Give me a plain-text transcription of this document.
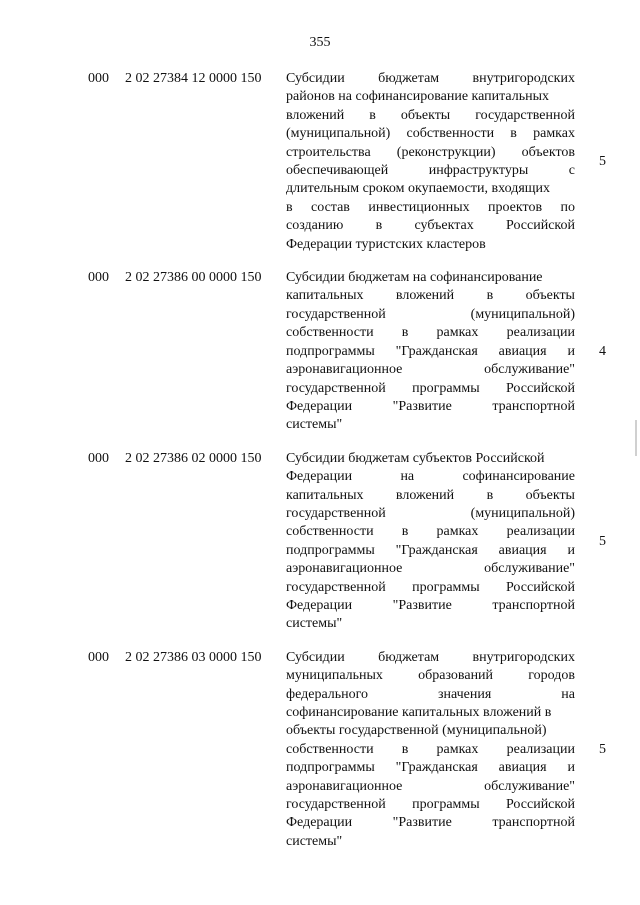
355
000 2 02 27384 12 0000 150 Субсидии бюджетам внутригородских
районов на софинансирование капитальных
вложений в объекты государственной
(муниципальной) собственности в рамках
строительства (реконструкции) объектов
обеспечивающей	инфраструктуры	с
длительным сроком окупаемости, входящих
в состав инвестиционных проектов по
созданию в субъектах Российской
Федерации туристских кластеров
5
000 2 02 27386 00 0000 150 Субсидии бюджетам на софинансирование
капитальных вложений в объекты
государственной	(муниципальной)
собственности в рамках реализации
подпрограммы "Гражданская авиация и
аэронавигационное	обслуживание"
государственной программы Российской
Федерации	"Развитие	транспортной
системы"
4
000 2 02 27386 02 0000 150 Субсидии бюджетам субъектов Российской
Федерации	на	софинансирование
капитальных вложений в объекты
государственной	(муниципальной)
собственности в рамках реализации
подпрограммы "Гражданская авиация и
аэронавигационное	обслуживание"
государственной программы Российской
Федерации	"Развитие	транспортной
системы"
5
000 2 02 27386 03 0000 150 Субсидии бюджетам внутригородских
муниципальных	образований	городов
федерального	значения	на
софинансирование капитальных вложений в
объекты государственной (муниципальной)
собственности в рамках реализации
подпрограммы "Гражданская авиация и
аэронавигационное	обслуживание"
государственной программы Российской
Федерации	"Развитие	транспортной
системы"
5
